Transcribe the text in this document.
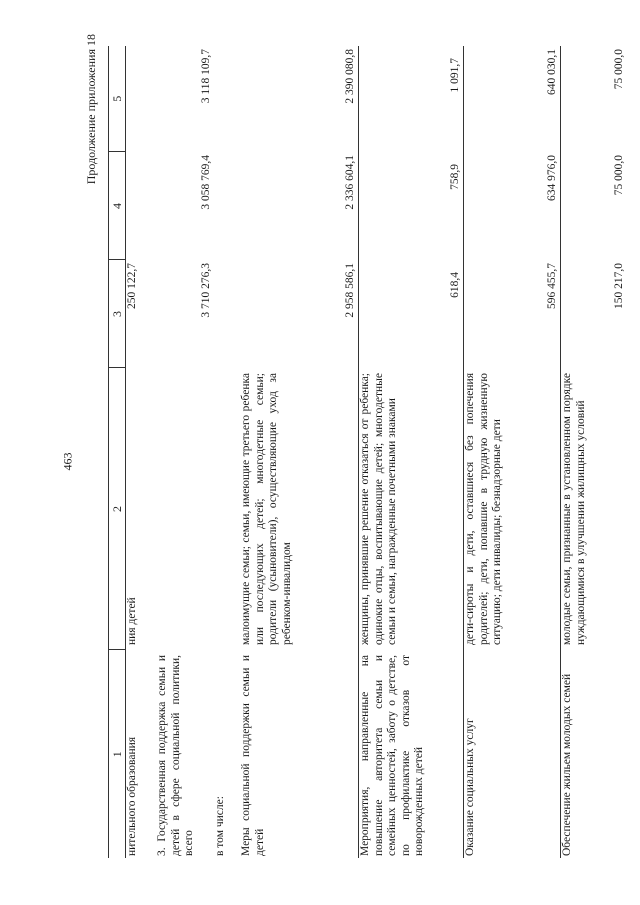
463
Продолжение приложения 18
1	2	3	4	5
нительного образования	ния детей	250 122,7		
3. Государственная поддержка семьи и детей в сфере социальной политики, всего		3 710 276,3	3 058 769,4	3 118 109,7
в том числе:				
Меры социальной поддержки семьи и детей	малоимущие семьи; семьи, имеющие третьего ребенка или последующих детей; многодетные семьи; родители (усыновители), осуществляющие уход за ребенком-инвалидом	2 958 586,1	2 336 604,1	2 390 080,8
Мероприятия, направленные на повышение авторитета семьи и семейных ценностей, заботу о детстве, по профилактике отказов от новорожденных детей	женщины, принявшие решение отказаться от ребенка; одинокие отцы, воспитывающие детей; многодетные семьи и семьи, награжденные почетными знаками	618,4	758,9	1 091,7
Оказание социальных услуг	дети-сироты и дети, оставшиеся без попечения родителей; дети, попавшие в трудную жизненную ситуацию; дети инвалиды; безнадзорные дети	596 455,7	634 976,0	640 030,1
Обеспечение жильем молодых семей	молодые семьи, признанные в установленном порядке нуждающимися в улучшении жилищных условий	150 217,0	75 000,0	75 000,0
